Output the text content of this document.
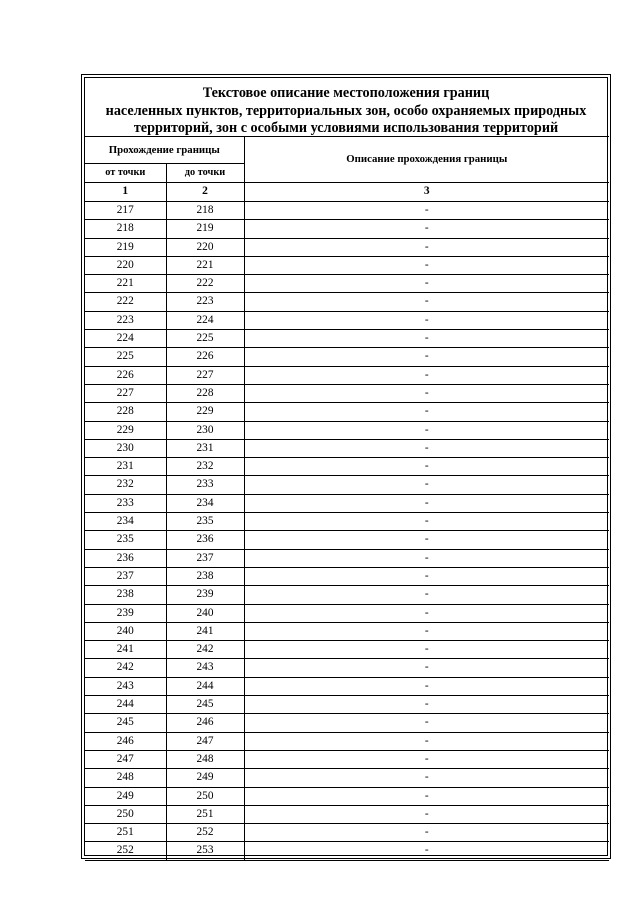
Текстовое описание местоположения границ
населенных пунктов, территориальных зон, особо охраняемых природных
территорий, зон с особыми условиями использования территорий
Прохождение границы		Описание прохождения границы
от точки	до точки	
1	2	3
217	218	-
218	219	-
219	220	-
220	221	-
221	222	-
222	223	-
223	224	-
224	225	-
225	226	-
226	227	-
227	228	-
228	229	-
229	230	-
230	231	-
231	232	-
232	233	-
233	234	-
234	235	-
235	236	-
236	237	-
237	238	-
238	239	-
239	240	-
240	241	-
241	242	-
242	243	-
243	244	-
244	245	-
245	246	-
246	247	-
247	248	-
248	249	-
249	250	-
250	251	-
251	252	-
252	253	-
